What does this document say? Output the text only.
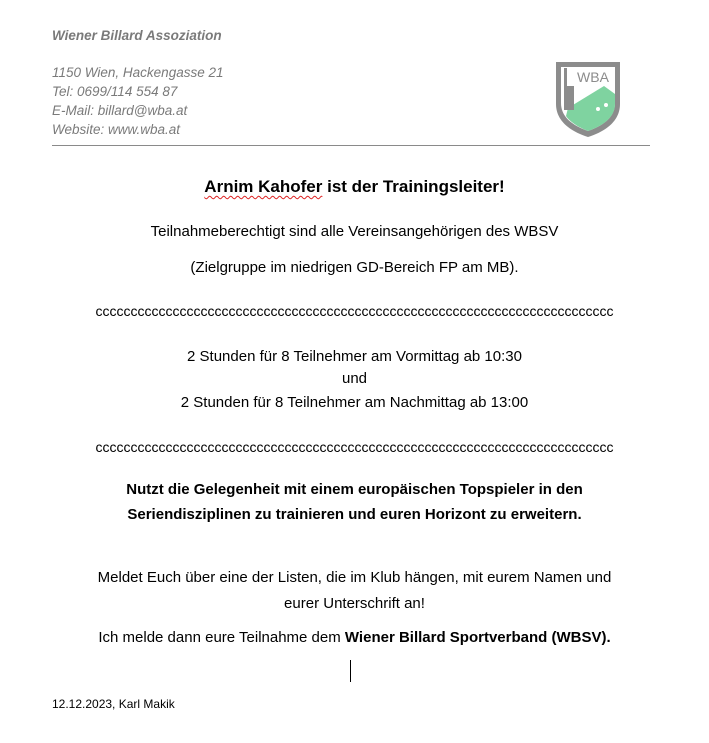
Wiener Billard Assoziation
1150 Wien, Hackengasse 21
Tel: 0699/114 554 87
E-Mail: billard@wba.at
Website: www.wba.at
WBA
Arnim Kahofer ist der Trainingsleiter!
Teilnahmeberechtigt sind alle Vereinsangehörigen des WBSV
(Zielgruppe im niedrigen GD-Bereich FP am MB).
cccccccccccccccccccccccccccccccccccccccccccccccccccccccccccccccccccccccccc
2 Stunden für 8 Teilnehmer am Vormittag ab 10:30
und
2 Stunden für 8 Teilnehmer am Nachmittag ab 13:00
cccccccccccccccccccccccccccccccccccccccccccccccccccccccccccccccccccccccccc
Nutzt die Gelegenheit mit einem europäischen Topspieler in den
Seriendisziplinen zu trainieren und euren Horizont zu erweitern.
Meldet Euch über eine der Listen, die im Klub hängen, mit eurem Namen und
eurer Unterschrift an!
Ich melde dann eure Teilnahme dem Wiener Billard Sportverband (WBSV).
12.12.2023, Karl Makik
